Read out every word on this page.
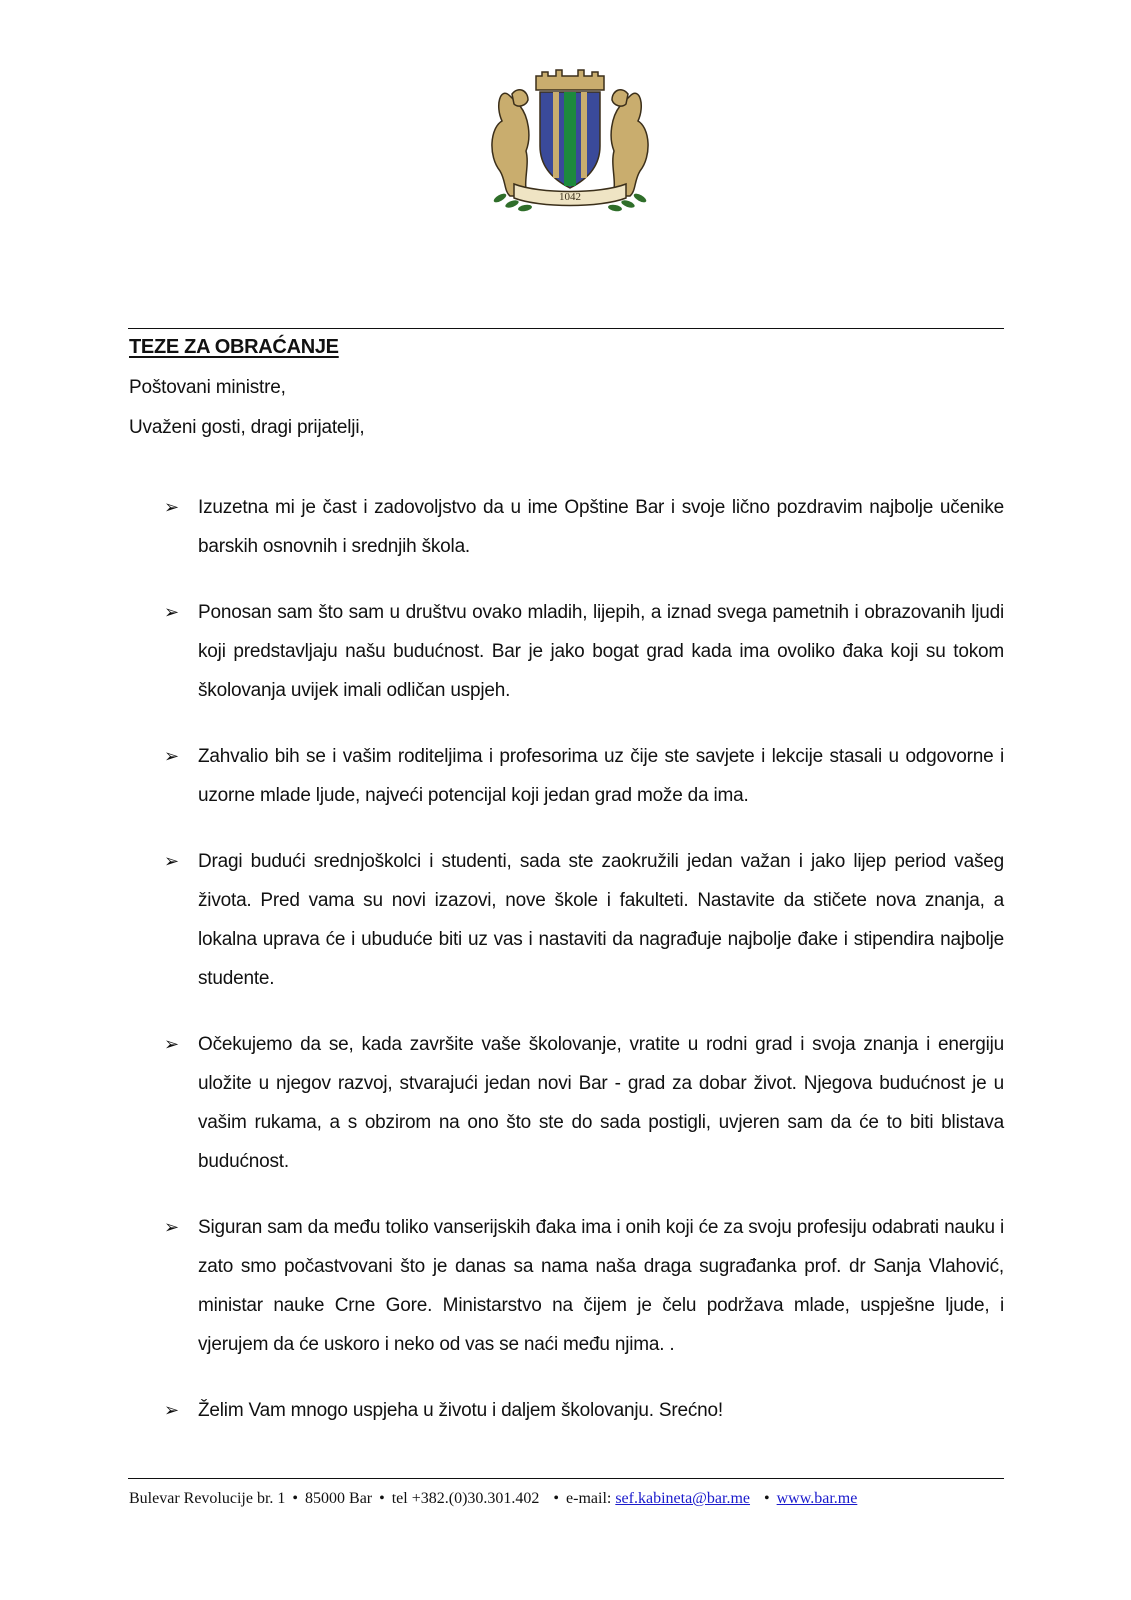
1042
TEZE ZA OBRAĆANJE
Poštovani ministre,
Uvaženi gosti, dragi prijatelji,
➢ Izuzetna mi je čast i zadovoljstvo da u ime Opštine Bar i svoje lično pozdravim najbolje učenike barskih osnovnih i srednjih škola.
➢ Ponosan sam što sam u društvu ovako mladih, lijepih, a iznad svega pametnih i obrazovanih ljudi koji predstavljaju našu budućnost. Bar je jako bogat grad kada ima ovoliko đaka koji su tokom školovanja uvijek imali odličan uspjeh.
➢ Zahvalio bih se i vašim roditeljima i profesorima uz čije ste savjete i lekcije stasali u odgovorne i uzorne mlade ljude, najveći potencijal koji jedan grad može da ima.
➢ Dragi budući srednjoškolci i studenti, sada ste zaokružili jedan važan i jako lijep period vašeg života. Pred vama su novi izazovi, nove škole i fakulteti. Nastavite da stičete nova znanja, a lokalna uprava će i ubuduće biti uz vas i nastaviti da nagrađuje najbolje đake i stipendira najbolje studente.
➢ Očekujemo da se, kada završite vaše školovanje, vratite u rodni grad i svoja znanja i energiju uložite u njegov razvoj, stvarajući jedan novi Bar - grad za dobar život. Njegova budućnost je u vašim rukama, a s obzirom na ono što ste do sada postigli, uvjeren sam da će to biti blistava budućnost.
➢ Siguran sam da među toliko vanserijskih đaka ima i onih koji će za svoju profesiju odabrati nauku i zato smo počastvovani što je danas sa nama naša draga sugrađanka prof. dr Sanja Vlahović, ministar nauke Crne Gore. Ministarstvo na čijem je čelu podržava mlade, uspješne ljude, i vjerujem da će uskoro i neko od vas se naći među njima. .
➢ Želim Vam mnogo uspjeha u životu i daljem školovanju. Srećno!
Bulevar Revolucije br. 1 • 85000 Bar • tel +382.(0)30.301.402 • e-mail: sef.kabineta@bar.me • www.bar.me
